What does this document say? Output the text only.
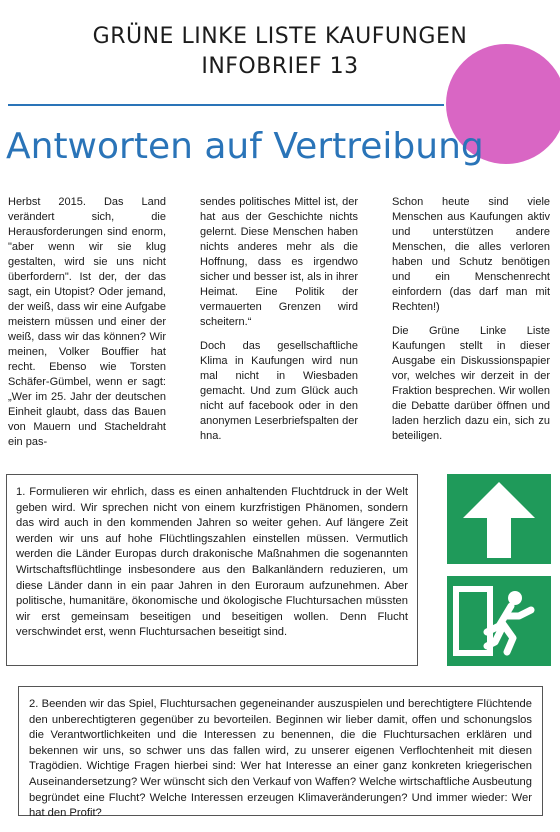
GRÜNE LINKE LISTE KAUFUNGEN
INFOBRIEF 13
Antworten auf Vertreibung

Herbst 2015. Das Land verändert sich, die Herausforderungen sind enorm, "aber wenn wir sie klug gestalten, wird sie uns nicht überfordern". Ist der, der das sagt, ein Utopist? Oder jemand, der weiß, dass wir eine Aufgabe meistern müssen und einer der weiß, dass wir das können? Wir meinen, Volker Bouffier hat recht. Ebenso wie Torsten Schäfer-Gümbel, wenn er sagt: „Wer im 25. Jahr der deutschen Einheit glaubt, dass das Bauen von Mauern und Stacheldraht ein pas-

sendes politisches Mittel ist, der hat aus der Geschichte nichts gelernt. Diese Menschen haben nichts anderes mehr als die Hoffnung, dass es irgendwo sicher und besser ist, als in ihrer Heimat. Eine Politik der vermauerten Grenzen wird scheitern.“

Doch das gesellschaftliche Klima in Kaufungen wird nun mal nicht in Wiesbaden gemacht. Und zum Glück auch nicht auf facebook oder in den anonymen Leserbriefspalten der hna.

Schon heute sind viele Menschen aus Kaufungen aktiv und unterstützen andere Menschen, die alles verloren haben und Schutz benötigen und ein Menschenrecht einfordern (das darf man mit Rechten!)

Die Grüne Linke Liste Kaufungen stellt in dieser Ausgabe ein Diskussionspapier vor, welches wir derzeit in der Fraktion besprechen. Wir wollen die Debatte darüber öffnen und laden herzlich dazu ein, sich zu beteiligen.

1. Formulieren wir ehrlich, dass es einen anhaltenden Fluchtdruck in der Welt geben wird. Wir sprechen nicht von einem kurzfristigen Phänomen, sondern das wird auch in den kommenden Jahren so weiter gehen. Auf längere Zeit werden wir uns auf hohe Flüchtlingszahlen einstellen müssen. Vermutlich werden die Länder Europas durch drakonische Maßnahmen die sogenannten Wirtschaftsflüchtlinge insbesondere aus den Balkanländern reduzieren, um diese Länder dann in ein paar Jahren in den Euroraum aufzunehmen. Aber politische, humanitäre, ökonomische und ökologische Fluchtursachen müssten wir erst gemeinsam beseitigen und beseitigen wollen. Denn Flucht verschwindet erst, wenn Fluchtursachen beseitigt sind.
2. Beenden wir das Spiel, Fluchtursachen gegeneinander auszuspielen und berechtigtere Flüchtende den unberechtigteren gegenüber zu bevorteilen. Beginnen wir lieber damit, offen und schonungslos die Verantwortlichkeiten und die Interessen zu benennen, die die Fluchtursachen erklären und bekennen wir uns, so schwer uns das fallen wird, zu unserer eigenen Verflochtenheit mit diesen Tragödien. Wichtige Fragen hierbei sind: Wer hat Interesse an einer ganz konkreten kriegerischen Auseinandersetzung? Wer wünscht sich den Verkauf von Waffen? Welche wirtschaftliche Ausbeutung begründet eine Flucht? Welche Interessen erzeugen Klimaveränderungen? Und immer wieder: Wer hat den Profit?
